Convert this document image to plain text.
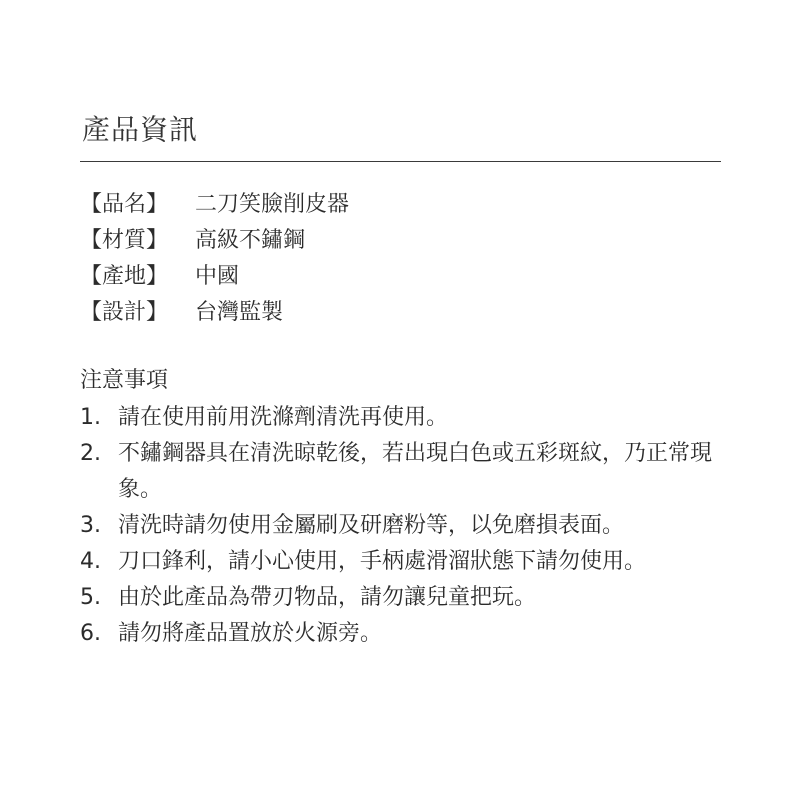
產品資訊
【品名】	二刀笑臉削皮器
【材質】	高級不鏽鋼
【產地】	中國
【設計】	台灣監製
注意事項
1. 請在使用前用洗滌劑清洗再使用。
2. 不鏽鋼器具在清洗晾乾後，若出現白色或五彩斑紋，乃正常現象。
3. 清洗時請勿使用金屬刷及研磨粉等，以免磨損表面。
4. 刀口鋒利，請小心使用，手柄處滑溜狀態下請勿使用。
5. 由於此產品為帶刃物品，請勿讓兒童把玩。
6. 請勿將產品置放於火源旁。
